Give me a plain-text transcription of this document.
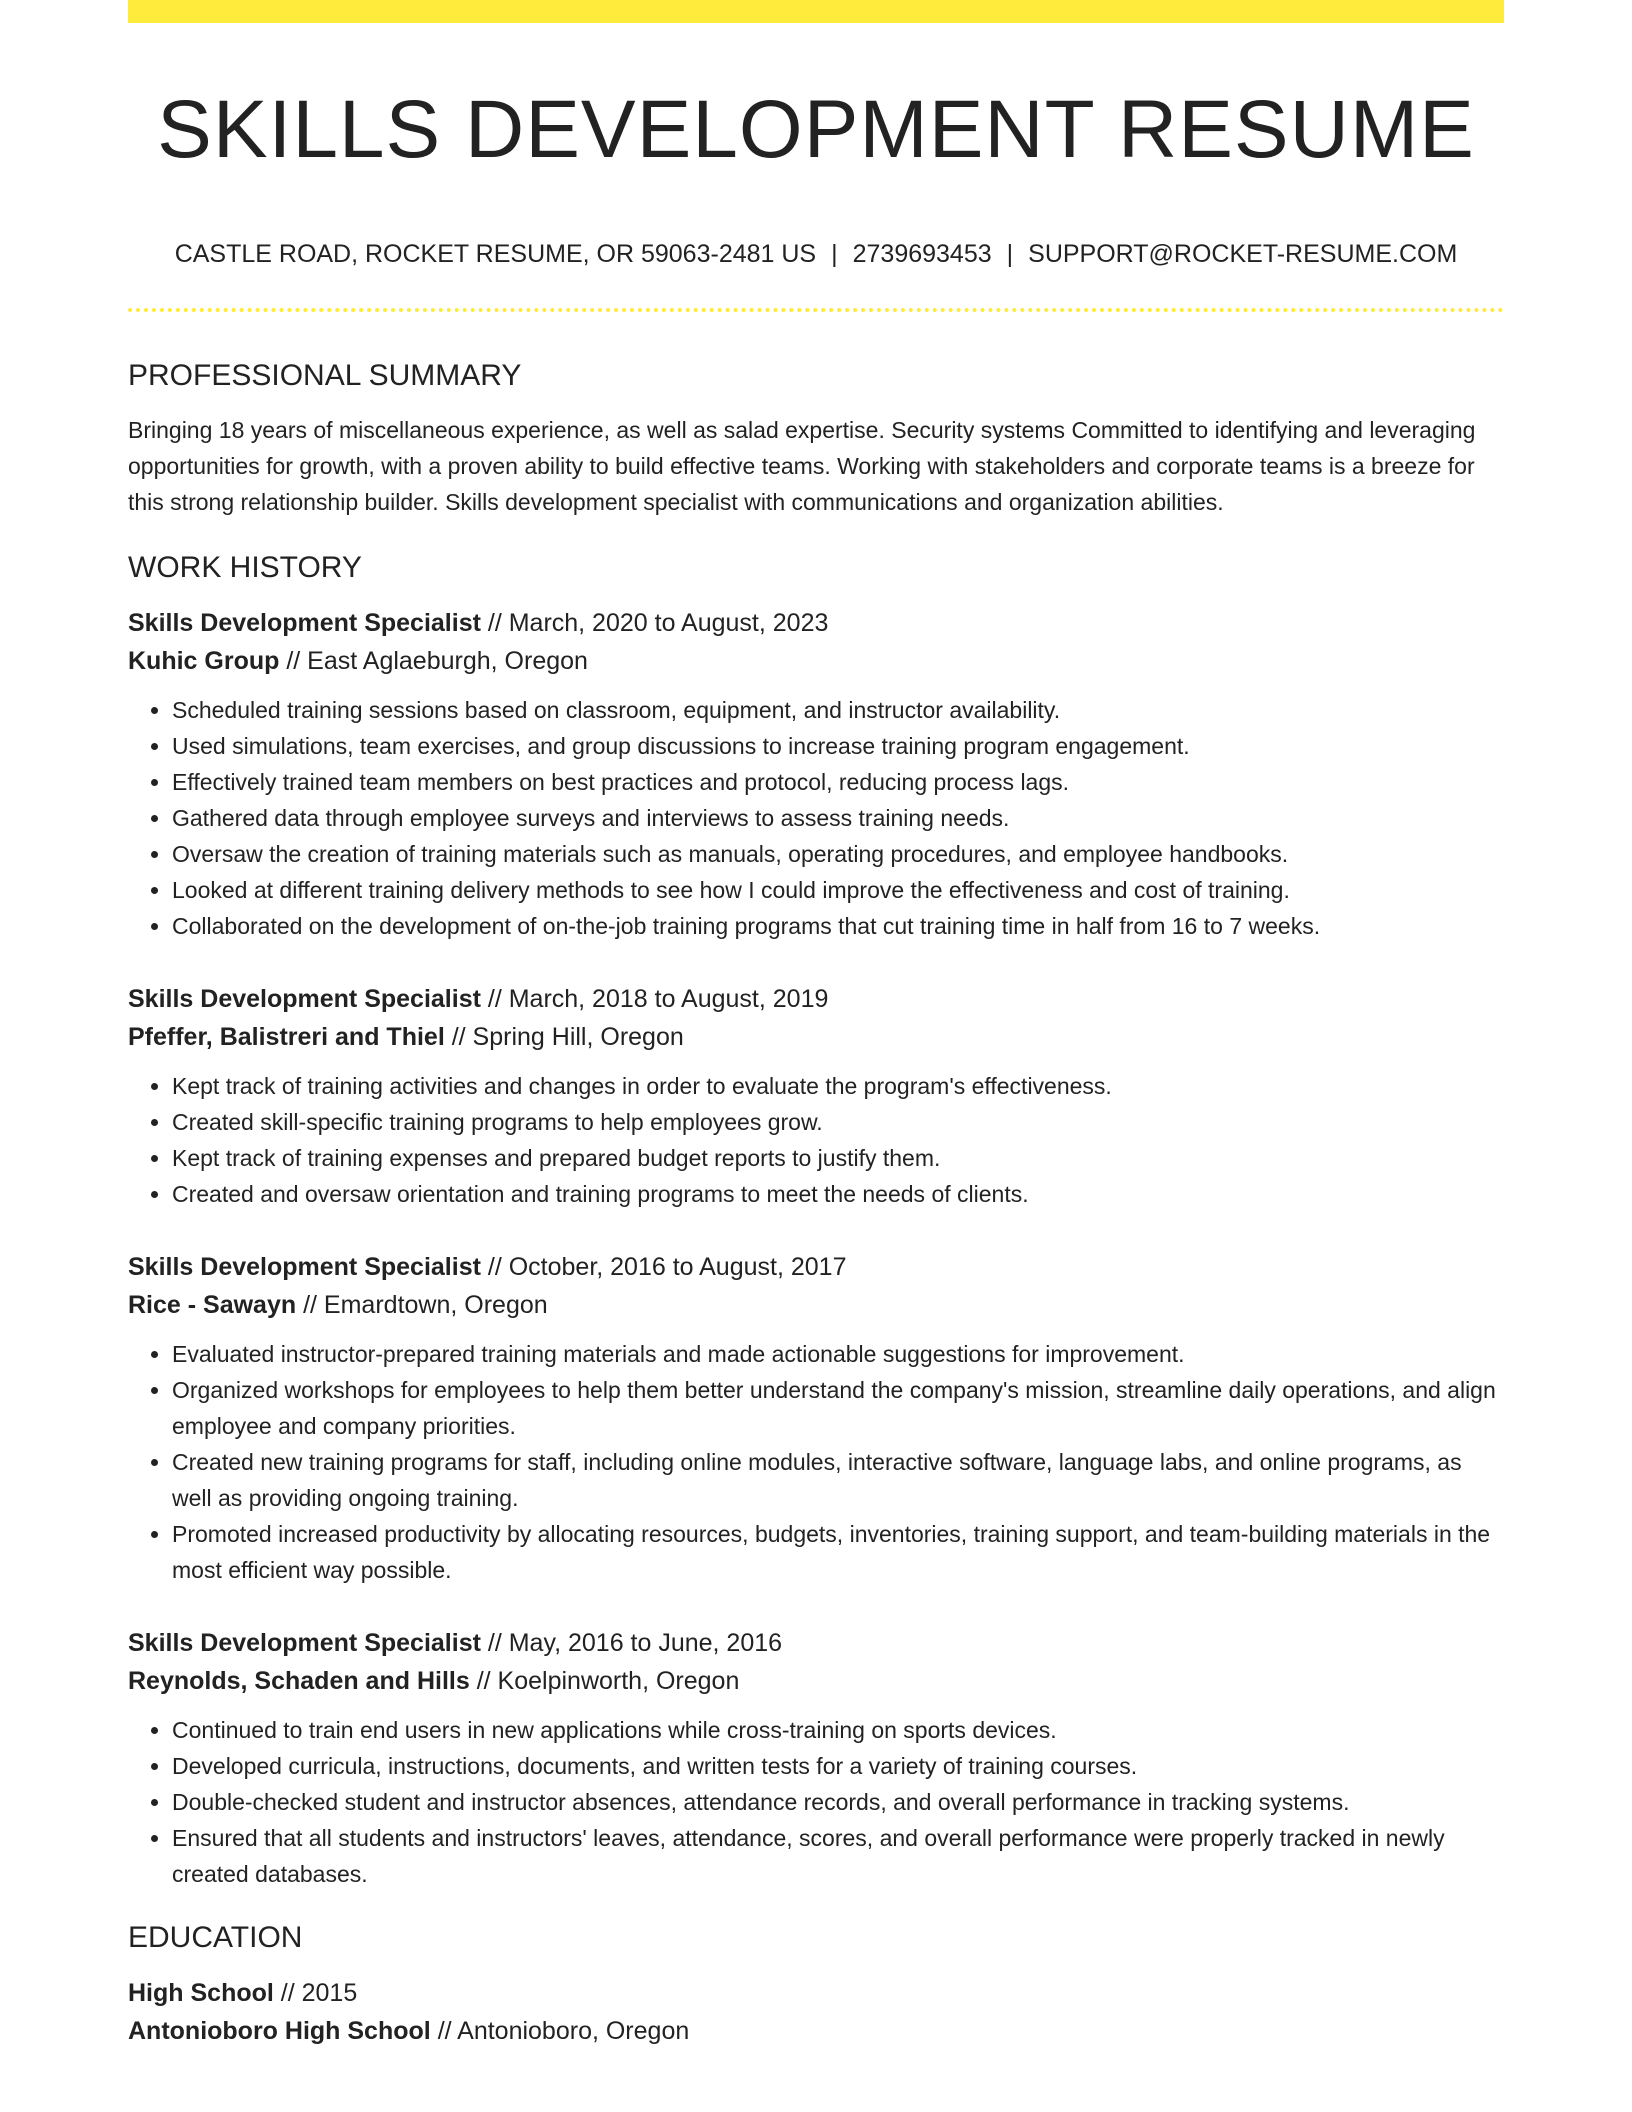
SKILLS DEVELOPMENT RESUME
CASTLE ROAD, ROCKET RESUME, OR 59063-2481 US | 2739693453 | SUPPORT@ROCKET-RESUME.COM
PROFESSIONAL SUMMARY

Bringing 18 years of miscellaneous experience, as well as salad expertise. Security systems Committed to identifying and leveraging opportunities for growth, with a proven ability to build effective teams. Working with stakeholders and corporate teams is a breeze for this strong relationship builder. Skills development specialist with communications and organization abilities.

WORK HISTORY
Skills Development Specialist // March, 2020 to August, 2023
Kuhic Group // East Aglaeburgh, Oregon
• Scheduled training sessions based on classroom, equipment, and instructor availability.
• Used simulations, team exercises, and group discussions to increase training program engagement.
• Effectively trained team members on best practices and protocol, reducing process lags.
• Gathered data through employee surveys and interviews to assess training needs.
• Oversaw the creation of training materials such as manuals, operating procedures, and employee handbooks.
• Looked at different training delivery methods to see how I could improve the effectiveness and cost of training.
• Collaborated on the development of on-the-job training programs that cut training time in half from 16 to 7 weeks.
Skills Development Specialist // March, 2018 to August, 2019
Pfeffer, Balistreri and Thiel // Spring Hill, Oregon
• Kept track of training activities and changes in order to evaluate the program's effectiveness.
• Created skill-specific training programs to help employees grow.
• Kept track of training expenses and prepared budget reports to justify them.
• Created and oversaw orientation and training programs to meet the needs of clients.
Skills Development Specialist // October, 2016 to August, 2017
Rice - Sawayn // Emardtown, Oregon
• Evaluated instructor-prepared training materials and made actionable suggestions for improvement.
• Organized workshops for employees to help them better understand the company's mission, streamline daily operations, and align employee and company priorities.
• Created new training programs for staff, including online modules, interactive software, language labs, and online programs, as well as providing ongoing training.
• Promoted increased productivity by allocating resources, budgets, inventories, training support, and team-building materials in the most efficient way possible.
Skills Development Specialist // May, 2016 to June, 2016
Reynolds, Schaden and Hills // Koelpinworth, Oregon
• Continued to train end users in new applications while cross-training on sports devices.
• Developed curricula, instructions, documents, and written tests for a variety of training courses.
• Double-checked student and instructor absences, attendance records, and overall performance in tracking systems.
• Ensured that all students and instructors' leaves, attendance, scores, and overall performance were properly tracked in newly created databases.
EDUCATION
High School // 2015
Antonioboro High School // Antonioboro, Oregon
